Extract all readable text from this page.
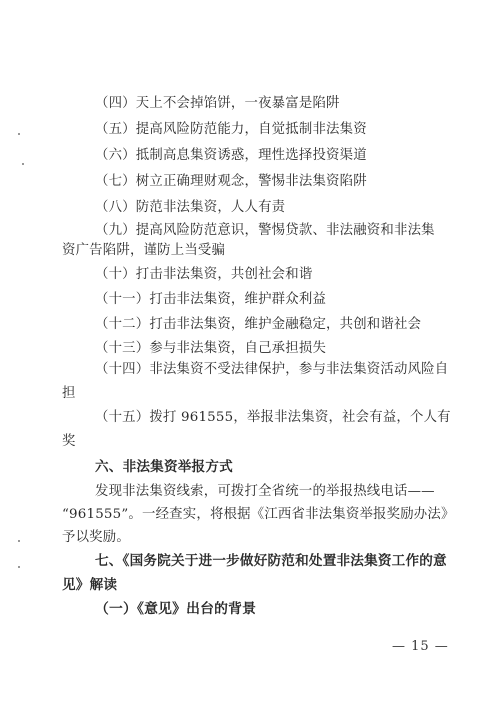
（四）天上不会掉馅饼，一夜暴富是陷阱
（五）提高风险防范能力，自觉抵制非法集资
（六）抵制高息集资诱惑，理性选择投资渠道
（七）树立正确理财观念，警惕非法集资陷阱
（八）防范非法集资，人人有责
（九）提高风险防范意识，警惕贷款、非法融资和非法集
资广告陷阱，谨防上当受骗
（十）打击非法集资，共创社会和谐
（十一）打击非法集资，维护群众利益
（十二）打击非法集资，维护金融稳定，共创和谐社会
（十三）参与非法集资，自己承担损失
（十四）非法集资不受法律保护，参与非法集资活动风险自
担
（十五）拨打 961555，举报非法集资，社会有益，个人有
奖
六、非法集资举报方式
发现非法集资线索，可拨打全省统一的举报热线电话——
“961555”。一经查实，将根据《江西省非法集资举报奖励办法》
予以奖励。
七、《国务院关于进一步做好防范和处置非法集资工作的意
见》解读
（一）《意见》出台的背景
— 15 —
